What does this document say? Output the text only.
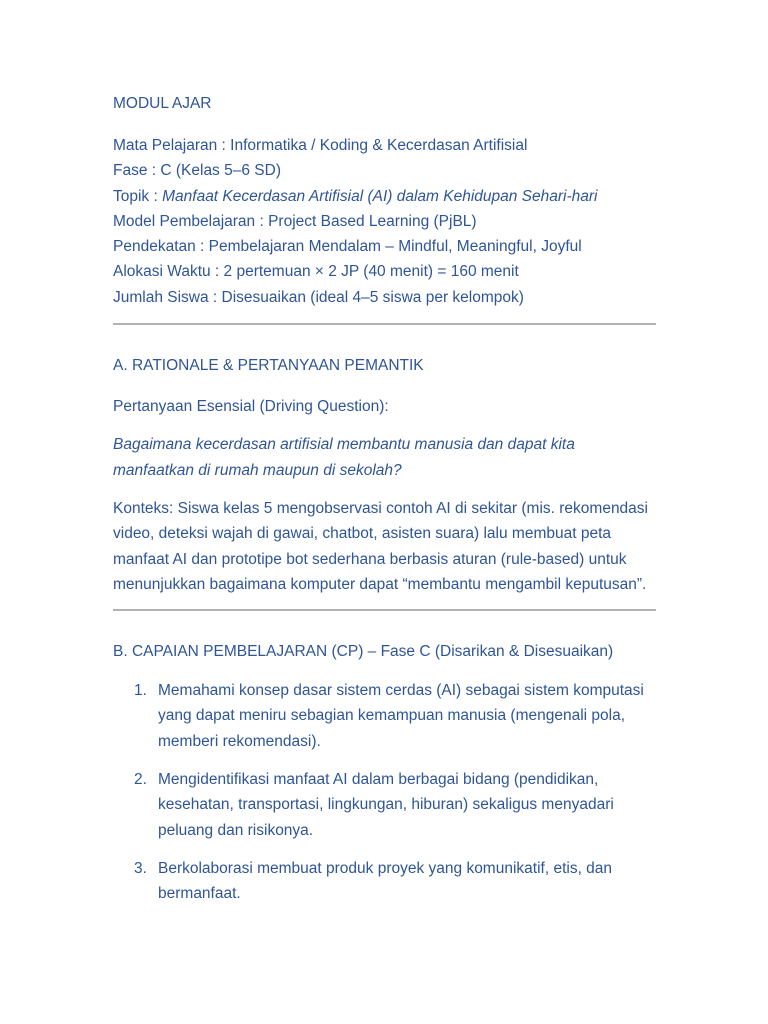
MODUL AJAR
Mata Pelajaran : Informatika / Koding & Kecerdasan Artifisial
Fase : C (Kelas 5–6 SD)
Topik : Manfaat Kecerdasan Artifisial (AI) dalam Kehidupan Sehari-hari
Model Pembelajaran : Project Based Learning (PjBL)
Pendekatan : Pembelajaran Mendalam – Mindful, Meaningful, Joyful
Alokasi Waktu : 2 pertemuan × 2 JP (40 menit) = 160 menit
Jumlah Siswa : Disesuaikan (ideal 4–5 siswa per kelompok)
A. RATIONALE & PERTANYAAN PEMANTIK
Pertanyaan Esensial (Driving Question):
Bagaimana kecerdasan artifisial membantu manusia dan dapat kita manfaatkan di rumah maupun di sekolah?
Konteks: Siswa kelas 5 mengobservasi contoh AI di sekitar (mis. rekomendasi video, deteksi wajah di gawai, chatbot, asisten suara) lalu membuat peta manfaat AI dan prototipe bot sederhana berbasis aturan (rule-based) untuk menunjukkan bagaimana komputer dapat “membantu mengambil keputusan”.
B. CAPAIAN PEMBELAJARAN (CP) – Fase C (Disarikan & Disesuaikan)
1. Memahami konsep dasar sistem cerdas (AI) sebagai sistem komputasi yang dapat meniru sebagian kemampuan manusia (mengenali pola, memberi rekomendasi).
2. Mengidentifikasi manfaat AI dalam berbagai bidang (pendidikan, kesehatan, transportasi, lingkungan, hiburan) sekaligus menyadari peluang dan risikonya.
3. Berkolaborasi membuat produk proyek yang komunikatif, etis, dan bermanfaat.
